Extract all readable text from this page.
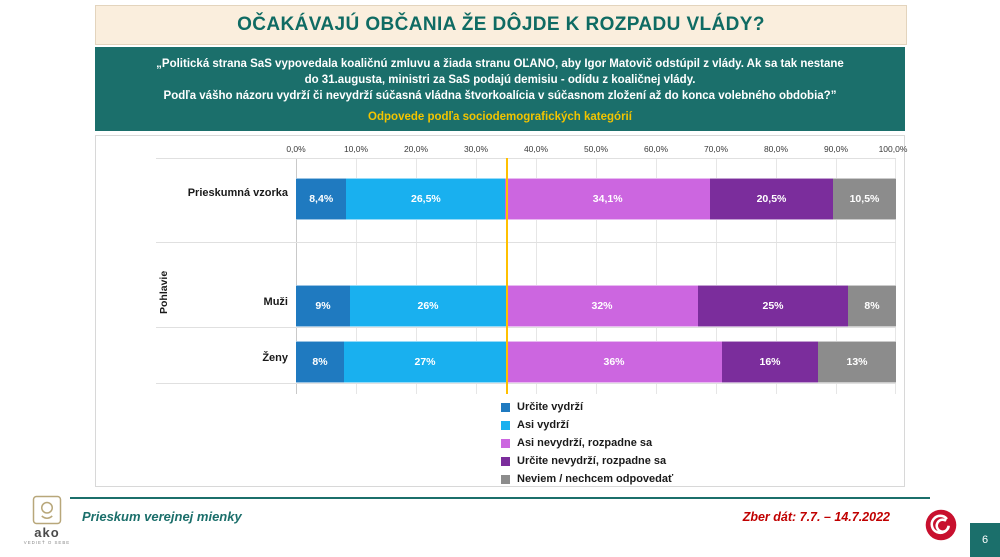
OČAKÁVAJÚ OBČANIA ŽE DÔJDE K ROZPADU VLÁDY?
„Politická strana SaS vypovedala koaličnú zmluvu a žiada stranu OĽANO, aby Igor Matovič odstúpil z vlády. Ak sa tak nestane
do 31.augusta, ministri za SaS podajú demisiu - odídu z koaličnej vlády.
Podľa vášho názoru vydrží či nevydrží súčasná vládna štvorkoalícia v súčasnom zložení až do konca volebného obdobia?”
Odpovede podľa sociodemografických kategórií
Pohlavie
Prieskumná vzorka
Muži
Ženy
0,0%	10,0%	20,0%	30,0%	40,0%	50,0%	60,0%	70,0%	80,0%	90,0%	100,0%
8,4%	26,5%	34,1%	20,5%	10,5%
9%	26%	32%	25%	8%
8%	27%	36%	16%	13%
Určite vydrží
Asi vydrží
Asi nevydrží, rozpadne sa
Určite nevydrží, rozpadne sa
Neviem / nechcem odpovedať
ako
VEDIEŤ O SEBE
Prieskum verejnej mienky	Zber dát: 7.7. – 14.7.2022
6
